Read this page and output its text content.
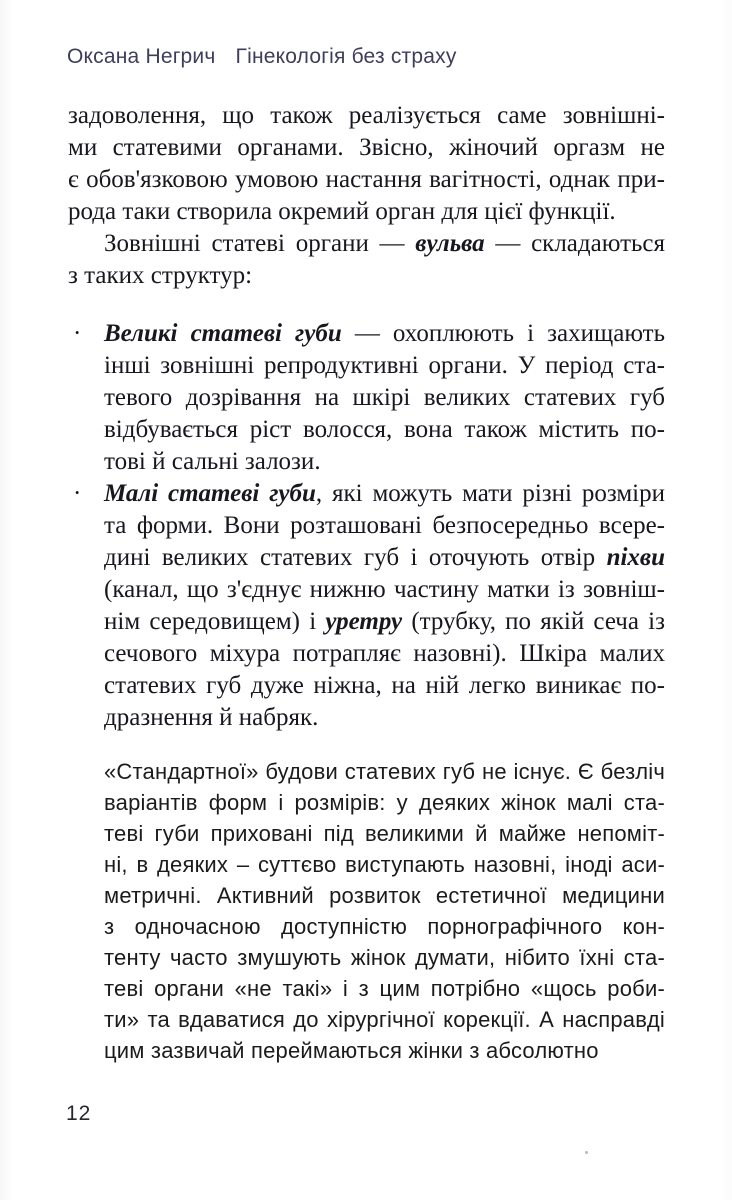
Оксана Негрич Гінекологія без страху
задоволення, що також реалізується саме зовнішні-
ми статевими органами. Звісно, жіночий оргазм не
є обов'язковою умовою настання вагітності, однак при-
рода таки створила окремий орган для цієї функції.
Зовнішні статеві органи — вульва — складаються
з таких структур:
· Великі статеві губи — охоплюють і захищають
інші зовнішні репродуктивні органи. У період ста-
тевого дозрівання на шкірі великих статевих губ
відбувається ріст волосся, вона також містить по-
тові й сальні залози.
· Малі статеві губи, які можуть мати різні розміри
та форми. Вони розташовані безпосередньо всере-
дині великих статевих губ і оточують отвір піхви
(канал, що з'єднує нижню частину матки із зовніш-
нім середовищем) і уретру (трубку, по якій сеча із
сечового міхура потрапляє назовні). Шкіра малих
статевих губ дуже ніжна, на ній легко виникає по-
дразнення й набряк.
«Стандартної» будови статевих губ не існує. Є безліч
варіантів форм і розмірів: у деяких жінок малі ста-
теві губи приховані під великими й майже непоміт-
ні, в деяких – суттєво виступають назовні, іноді аси-
метричні. Активний розвиток естетичної медицини
з одночасною доступністю порнографічного кон-
тенту часто змушують жінок думати, нібито їхні ста-
теві органи «не такі» і з цим потрібно «щось роби-
ти» та вдаватися до хірургічної корекції. А насправді
цим зазвичай переймаються жінки з абсолютно
12
